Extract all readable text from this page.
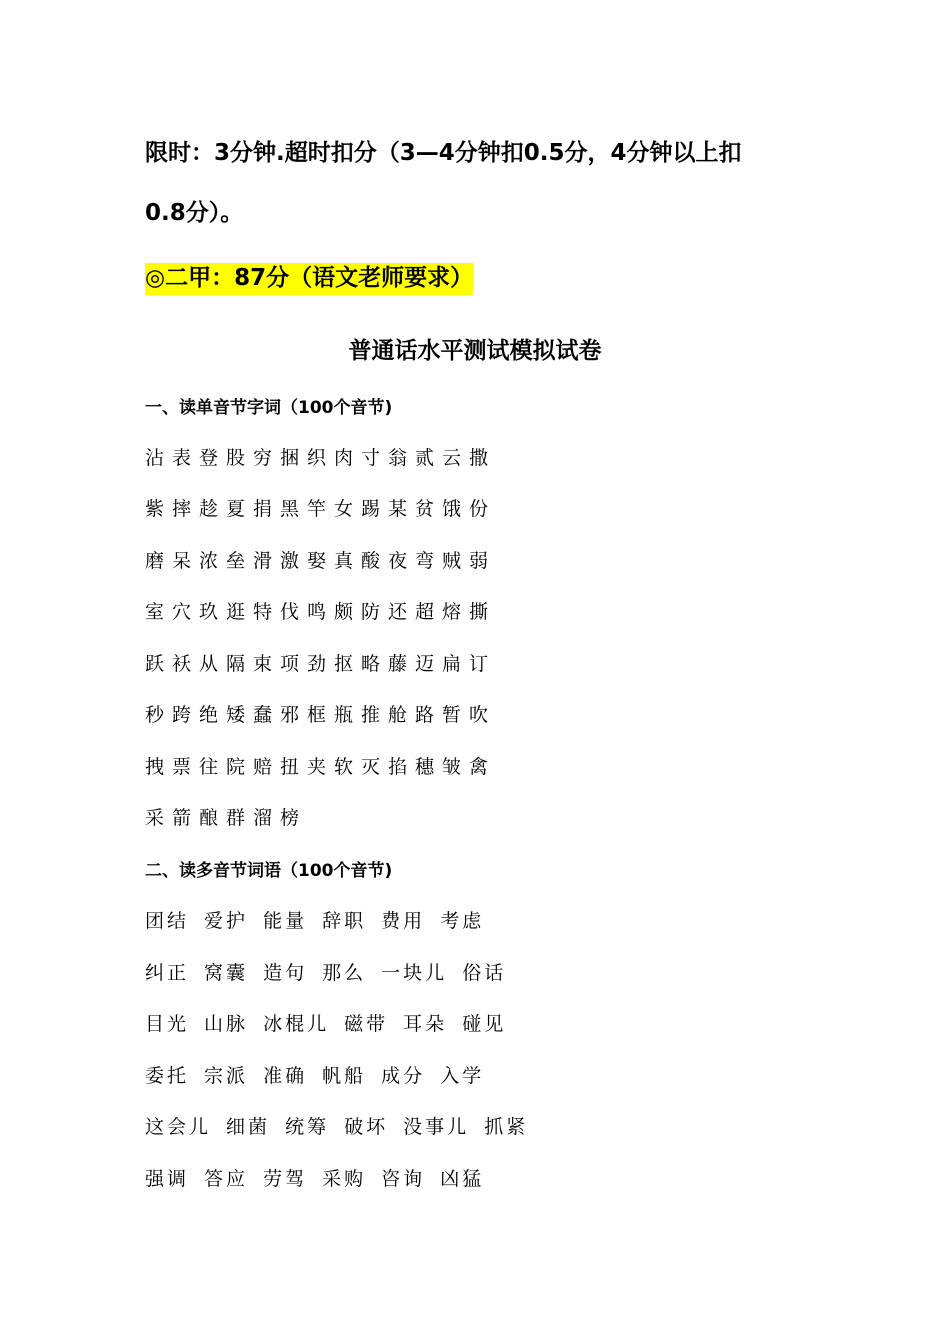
限时：3分钟.超时扣分（3—4分钟扣0.5分，4分钟以上扣
0.8分）。
◎二甲：87分（语文老师要求）
普通话水平测试模拟试卷
一、读单音节字词（100个音节)
沾表登股穷捆织肉寸翁贰云撒
紫摔趁夏捐黑竿女踢某贫饿份
磨呆浓垒滑激娶真酸夜弯贼弱
室穴玖逛特伐鸣颇防还超熔撕
跃袄从隔束项劲抠略藤迈扁订
秒跨绝矮蠢邪框瓶推舱路暂吹
拽票往院赔扭夹软灭掐穗皱禽
采箭酿群溜榜
二、读多音节词语（100个音节)
团结 爱护 能量 辞职 费用 考虑
纠正 窝囊 造句 那么 一块儿 俗话
目光 山脉 冰棍儿 磁带 耳朵 碰见
委托 宗派 准确 帆船 成分 入学
这会儿 细菌 统筹 破坏 没事儿 抓紧
强调 答应 劳驾 采购 咨询 凶猛
